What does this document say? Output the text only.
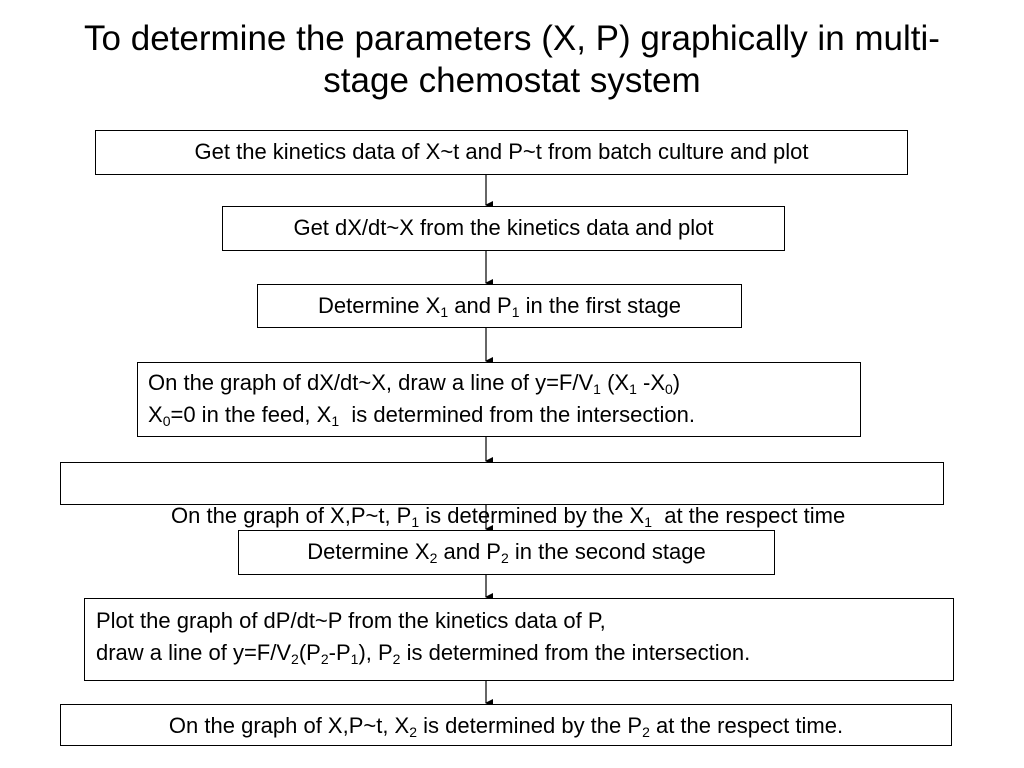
To determine the parameters (X, P) graphically in multi-
stage chemostat system
Get the kinetics data of X~t and P~t from batch culture and plot
Get dX/dt~X from the kinetics data and plot
Determine $X_1$ and $P_1$ in the first stage
On the graph of dX/dt~X, draw a line of $y=F/V_1$ ($X_1$ $-X_0$)
$X_0=0$ in the feed, $X_1$  is determined from the intersection.

On the graph of X,P~t, $P_1$ is determined by the $X_1$  at the respect time

Determine $X_2$ and $P_2$ in the second stage
Plot the graph of dP/dt~P from the kinetics data of P,
draw a line of $y=F/V_2(P_2-P_1)$, $P_2$ is determined from the intersection.
On the graph of X,P~t, $X_2$ is determined by the $P_2$ at the respect time.
